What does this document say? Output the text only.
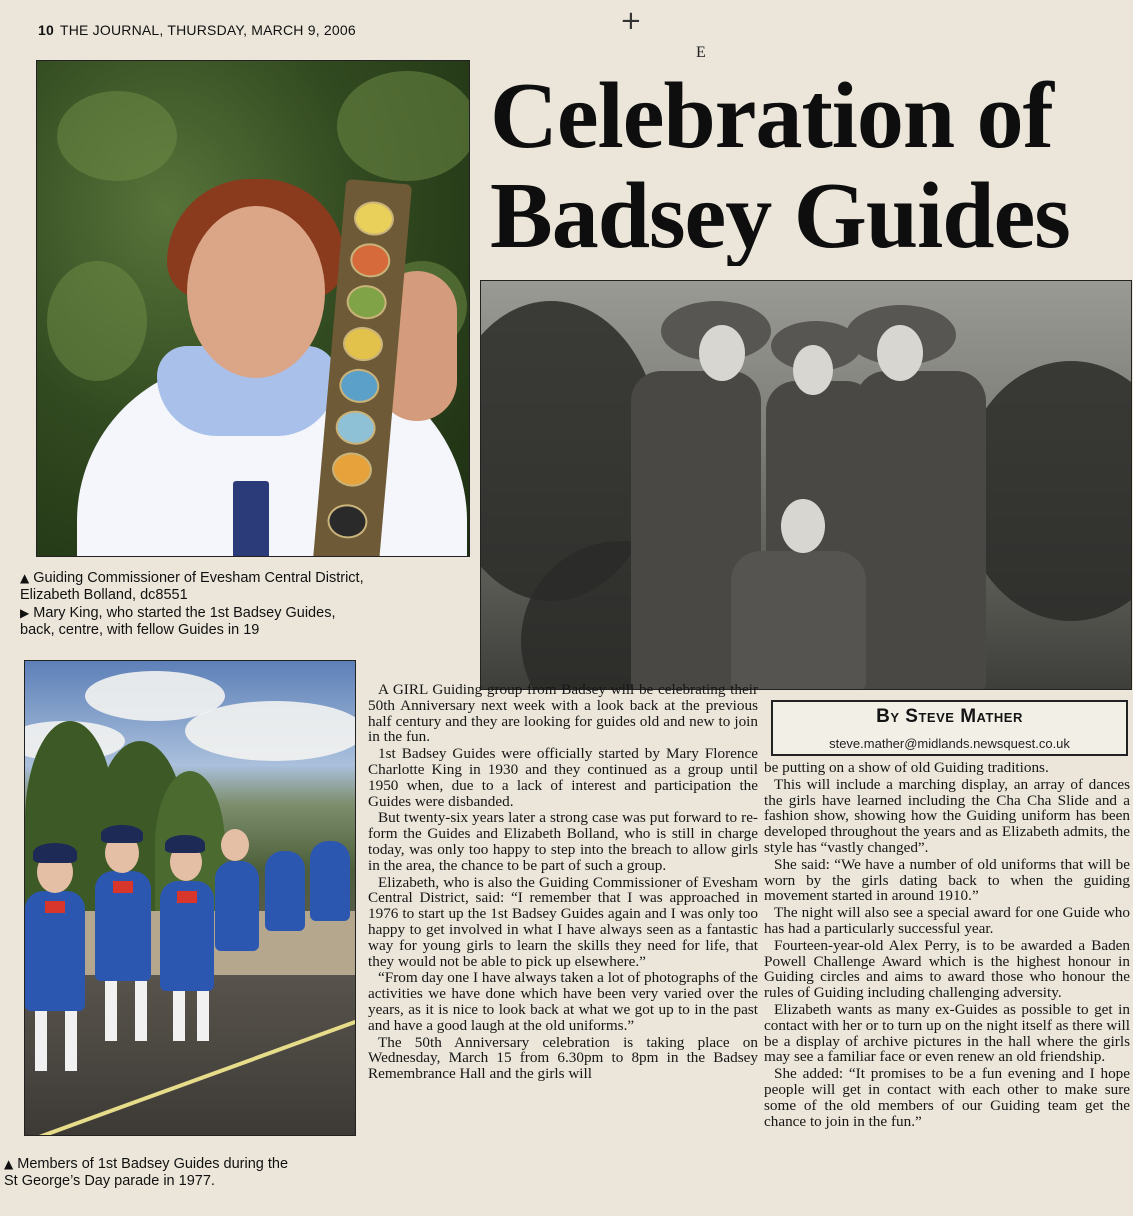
10 THE JOURNAL, THURSDAY, MARCH 9, 2006	+
E
Celebration of
Badsey Guides
▲ Guiding Commissioner of Evesham Central District,
Elizabeth Bolland, dc8551
▶ Mary King, who started the 1st Badsey Guides,
back, centre, with fellow Guides in 19
▲ Members of 1st Badsey Guides during the
St George’s Day parade in 1977.
By Steve Mather
steve.mather@midlands.newsquest.co.uk

A GIRL Guiding group from Badsey will be celebrating their 50th Anniversary next week with a look back at the previous half century and they are looking for guides old and new to join in the fun.

1st Badsey Guides were officially started by Mary Florence Charlotte King in 1930 and they continued as a group until 1950 when, due to a lack of interest and participation the Guides were disbanded.

But twenty-six years later a strong case was put forward to re-form the Guides and Elizabeth Bolland, who is still in charge today, was only too happy to step into the breach to allow girls in the area, the chance to be part of such a group.

Elizabeth, who is also the Guiding Commissioner of Evesham Central District, said: “I remember that I was approached in 1976 to start up the 1st Badsey Guides again and I was only too happy to get involved in what I have always seen as a fantastic way for young girls to learn the skills they need for life, that they would not be able to pick up elsewhere.”

“From day one I have always taken a lot of photographs of the activities we have done which have been very varied over the years, as it is nice to look back at what we got up to in the past and have a good laugh at the old uniforms.”

The 50th Anniversary celebration is taking place on Wednesday, March 15 from 6.30pm to 8pm in the Badsey Remembrance Hall and the girls will

be putting on a show of old Guiding traditions.

This will include a marching display, an array of dances the girls have learned including the Cha Cha Slide and a fashion show, showing how the Guiding uniform has been developed throughout the years and as Elizabeth admits, the style has “vastly changed”.

She said: “We have a number of old uniforms that will be worn by the girls dating back to when the guiding movement started in around 1910.”

The night will also see a special award for one Guide who has had a particularly successful year.

Fourteen-year-old Alex Perry, is to be awarded a Baden Powell Challenge Award which is the highest honour in Guiding circles and aims to award those who honour the rules of Guiding including challenging adversity.

Elizabeth wants as many ex-Guides as possible to get in contact with her or to turn up on the night itself as there will be a display of archive pictures in the hall where the girls may see a familiar face or even renew an old friendship.

She added: “It promises to be a fun evening and I hope people will get in contact with each other to make sure some of the old members of our Guiding team get the chance to join in the fun.”
